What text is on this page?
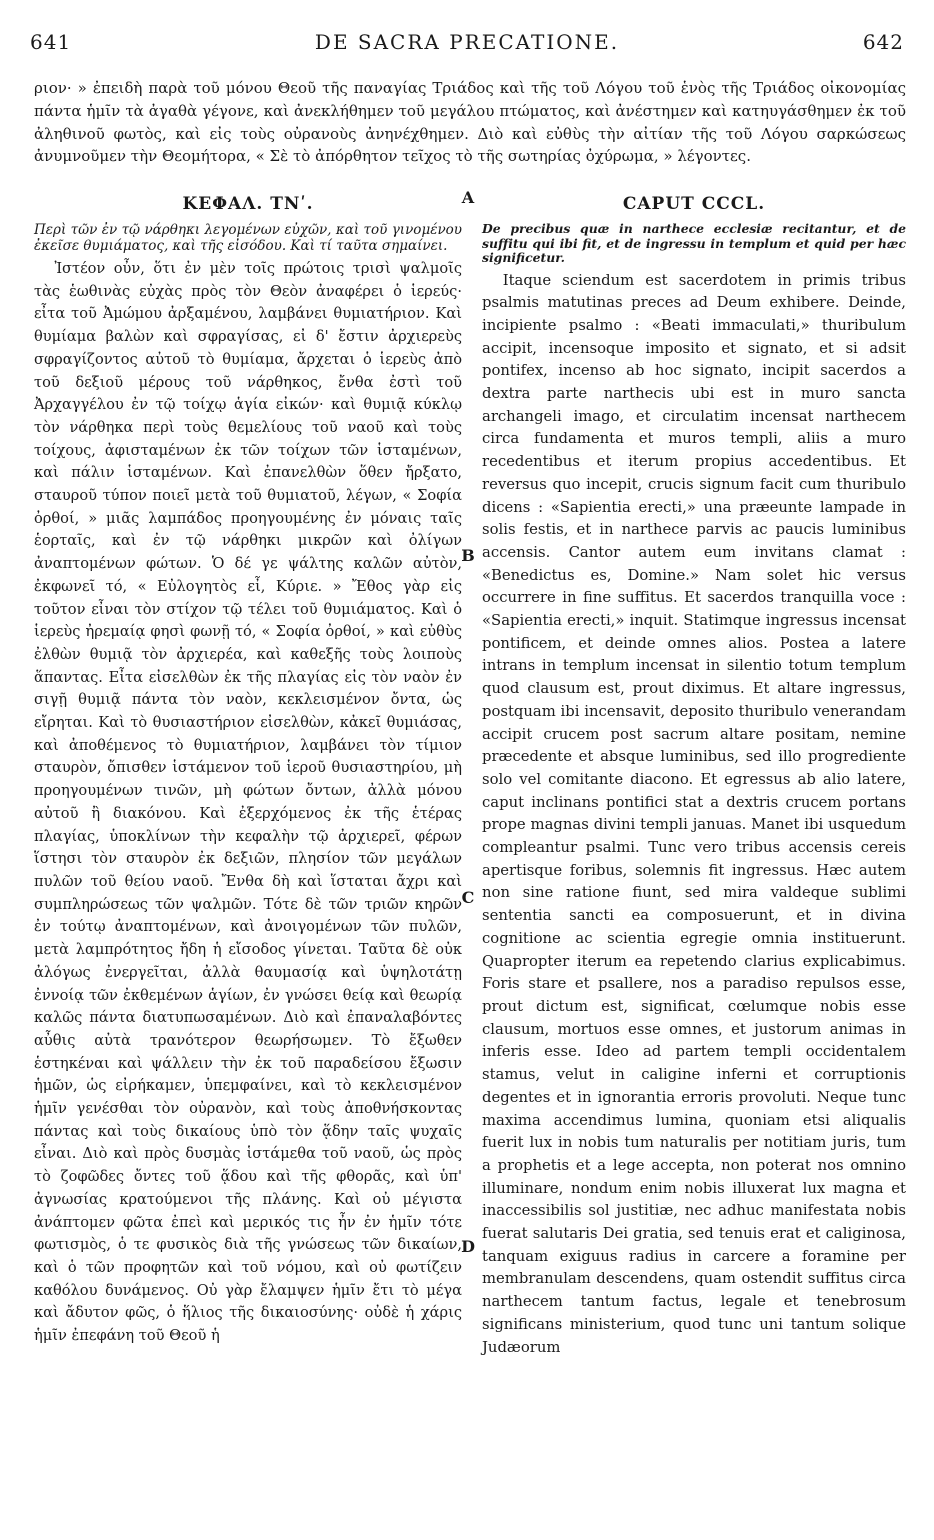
641	DE SACRA PRECATIONE.	642

ριον· » ἐπειδὴ παρὰ τοῦ μόνου Θεοῦ τῆς παναγίας Τριάδος καὶ τῆς τοῦ Λόγου τοῦ ἑνὸς τῆς Τριάδος οἰκονομίας πάντα ἡμῖν τὰ ἀγαθὰ γέγονε, καὶ ἀνεκλήθημεν τοῦ μεγάλου πτώματος, καὶ ἀνέστημεν καὶ κατηυγάσθημεν ἐκ τοῦ ἀληθινοῦ φωτὸς, καὶ εἰς τοὺς οὐρανοὺς ἀνηνέχθημεν. Διὸ καὶ εὐθὺς τὴν αἰτίαν τῆς τοῦ Λόγου σαρκώσεως ἀνυμνοῦμεν τὴν Θεομήτορα, « Σὲ τὸ ἀπόρθητον τεῖχος τὸ τῆς σωτηρίας ὀχύρωμα, » λέγοντες.

ΚΕΦΑΛ. ΤΝʹ.
Περὶ τῶν ἐν τῷ νάρθηκι λεγομένων εὐχῶν, καὶ τοῦ γινομένου ἐκεῖσε θυμιάματος, καὶ τῆς εἰσόδου. Καὶ τί ταῦτα σημαίνει.

Ἰστέον οὖν, ὅτι ἐν μὲν τοῖς πρώτοις τρισὶ ψαλμοῖς τὰς ἑωθινὰς εὐχὰς πρὸς τὸν Θεὸν ἀναφέρει ὁ ἱερεύς· εἶτα τοῦ Ἀμώμου ἀρξαμένου, λαμβάνει θυμιατήριον. Καὶ θυμίαμα βαλὼν καὶ σφραγίσας, εἰ δ' ἔστιν ἀρχιερεὺς σφραγίζοντος αὐτοῦ τὸ θυμίαμα, ἄρχεται ὁ ἱερεὺς ἀπὸ τοῦ δεξιοῦ μέρους τοῦ νάρθηκος, ἔνθα ἐστὶ τοῦ Ἀρχαγγέλου ἐν τῷ τοίχῳ ἁγία εἰκών· καὶ θυμιᾷ κύκλῳ τὸν νάρθηκα περὶ τοὺς θεμελίους τοῦ ναοῦ καὶ τοὺς τοίχους, ἀφισταμένων ἐκ τῶν τοίχων τῶν ἱσταμένων, καὶ πάλιν ἱσταμένων. Καὶ ἐπανελθὼν ὅθεν ἤρξατο, σταυροῦ τύπον ποιεῖ μετὰ τοῦ θυμιατοῦ, λέγων, « Σοφία ὀρθοί, » μιᾶς λαμπάδος προηγουμένης ἐν μόναις ταῖς ἑορταῖς, καὶ ἐν τῷ νάρθηκι μικρῶν καὶ ὀλίγων ἀναπτομένων φώτων. Ὁ δέ γε ψάλτης καλῶν αὐτὸν, ἐκφωνεῖ τό, « Εὐλογητὸς εἶ, Κύριε. » Ἔθος γὰρ εἰς τοῦτον εἶναι τὸν στίχον τῷ τέλει τοῦ θυμιάματος. Καὶ ὁ ἱερεὺς ἠρεμαίᾳ φησὶ φωνῇ τό, « Σοφία ὀρθοί, » καὶ εὐθὺς ἐλθὼν θυμιᾷ τὸν ἀρχιερέα, καὶ καθεξῆς τοὺς λοιποὺς ἅπαντας. Εἶτα εἰσελθὼν ἐκ τῆς πλαγίας εἰς τὸν ναὸν ἐν σιγῇ θυμιᾷ πάντα τὸν ναὸν, κεκλεισμένον ὄντα, ὡς εἴρηται. Καὶ τὸ θυσιαστήριον εἰσελθὼν, κἀκεῖ θυμιάσας, καὶ ἀποθέμενος τὸ θυμιατήριον, λαμβάνει τὸν τίμιον σταυρὸν, ὄπισθεν ἱστάμενον τοῦ ἱεροῦ θυσιαστηρίου, μὴ προηγουμένων τινῶν, μὴ φώτων ὄντων, ἀλλὰ μόνου αὐτοῦ ἢ διακόνου. Καὶ ἐξερχόμενος ἐκ τῆς ἑτέρας πλαγίας, ὑποκλίνων τὴν κεφαλὴν τῷ ἀρχιερεῖ, φέρων ἵστησι τὸν σταυρὸν ἐκ δεξιῶν, πλησίον τῶν μεγάλων πυλῶν τοῦ θείου ναοῦ. Ἔνθα δὴ καὶ ἵσταται ἄχρι καὶ συμπληρώσεως τῶν ψαλμῶν. Τότε δὲ τῶν τριῶν κηρῶν ἐν τούτῳ ἀναπτομένων, καὶ ἀνοιγομένων τῶν πυλῶν, μετὰ λαμπρότητος ἤδη ἡ εἴσοδος γίνεται. Ταῦτα δὲ οὐκ ἀλόγως ἐνεργεῖται, ἀλλὰ θαυμασίᾳ καὶ ὑψηλοτάτῃ ἐννοίᾳ τῶν ἐκθεμένων ἁγίων, ἐν γνώσει θείᾳ καὶ θεωρίᾳ καλῶς πάντα διατυπωσαμένων. Διὸ καὶ ἐπαναλαβόντες αὖθις αὐτὰ τρανότερον θεωρήσωμεν. Τὸ ἔξωθεν ἑστηκέναι καὶ ψάλλειν τὴν ἐκ τοῦ παραδείσου ἔξωσιν ἡμῶν, ὡς εἰρήκαμεν, ὑπεμφαίνει, καὶ τὸ κεκλεισμένον ἡμῖν γενέσθαι τὸν οὐρανὸν, καὶ τοὺς ἀποθνήσκοντας πάντας καὶ τοὺς δικαίους ὑπὸ τὸν ᾅδην ταῖς ψυχαῖς εἶναι. Διὸ καὶ πρὸς δυσμὰς ἱστάμεθα τοῦ ναοῦ, ὡς πρὸς τὸ ζοφῶδες ὄντες τοῦ ᾅδου καὶ τῆς φθορᾶς, καὶ ὑπ' ἀγνωσίας κρατούμενοι τῆς πλάνης. Καὶ οὐ μέγιστα ἀνάπτομεν φῶτα ἐπεὶ καὶ μερικός τις ἦν ἐν ἡμῖν τότε φωτισμὸς, ὁ τε φυσικὸς διὰ τῆς γνώσεως τῶν δικαίων, καὶ ὁ τῶν προφητῶν καὶ τοῦ νόμου, καὶ οὐ φωτίζειν καθόλου δυνάμενος. Οὐ γὰρ ἔλαμψεν ἡμῖν ἔτι τὸ μέγα καὶ ἄδυτον φῶς, ὁ ἥλιος τῆς δικαιοσύνης· οὐδὲ ἡ χάρις ἡμῖν ἐπεφάνη τοῦ Θεοῦ ἡ

CAPUT CCCL.
De precibus quæ in narthece ecclesiæ recitantur, et de suffitu qui ibi fit, et de ingressu in templum et quid per hæc significetur.

Itaque sciendum est sacerdotem in primis tribus psalmis matutinas preces ad Deum exhibere. Deinde, incipiente psalmo : «Beati immaculati,» thuribulum accipit, incensoque imposito et signato, et si adsit pontifex, incenso ab hoc signato, incipit sacerdos a dextra parte narthecis ubi est in muro sancta archangeli imago, et circulatim incensat narthecem circa fundamenta et muros templi, aliis a muro recedentibus et iterum propius accedentibus. Et reversus quo incepit, crucis signum facit cum thuribulo dicens : «Sapientia erecti,» una præeunte lampade in solis festis, et in narthece parvis ac paucis luminibus accensis. Cantor autem eum invitans clamat : «Benedictus es, Domine.» Nam solet hic versus occurrere in fine suffitus. Et sacerdos tranquilla voce : «Sapientia erecti,» inquit. Statimque ingressus incensat pontificem, et deinde omnes alios. Postea a latere intrans in templum incensat in silentio totum templum quod clausum est, prout diximus. Et altare ingressus, postquam ibi incensavit, deposito thuribulo venerandam accipit crucem post sacrum altare positam, nemine præcedente et absque luminibus, sed illo progrediente solo vel comitante diacono. Et egressus ab alio latere, caput inclinans pontifici stat a dextris crucem portans prope magnas divini templi januas. Manet ibi usquedum compleantur psalmi. Tunc vero tribus accensis cereis apertisque foribus, solemnis fit ingressus. Hæc autem non sine ratione fiunt, sed mira valdeque sublimi sententia sancti ea composuerunt, et in divina cognitione ac scientia egregie omnia instituerunt. Quapropter iterum ea repetendo clarius explicabimus. Foris stare et psallere, nos a paradiso repulsos esse, prout dictum est, significat, cœlumque nobis esse clausum, mortuos esse omnes, et justorum animas in inferis esse. Ideo ad partem templi occidentalem stamus, velut in caligine inferni et corruptionis degentes et in ignorantia erroris provoluti. Neque tunc maxima accendimus lumina, quoniam etsi aliqualis fuerit lux in nobis tum naturalis per notitiam juris, tum a prophetis et a lege accepta, non poterat nos omnino illuminare, nondum enim nobis illuxerat lux magna et inaccessibilis sol justitiæ, nec adhuc manifestata nobis fuerat salutaris Dei gratia, sed tenuis erat et caliginosa, tanquam exiguus radius in carcere a foramine per membranulam descendens, quam ostendit suffitus circa narthecem tantum factus, legale et tenebrosum significans ministerium, quod tunc uni tantum solique Judæorum

A
B
C
D
